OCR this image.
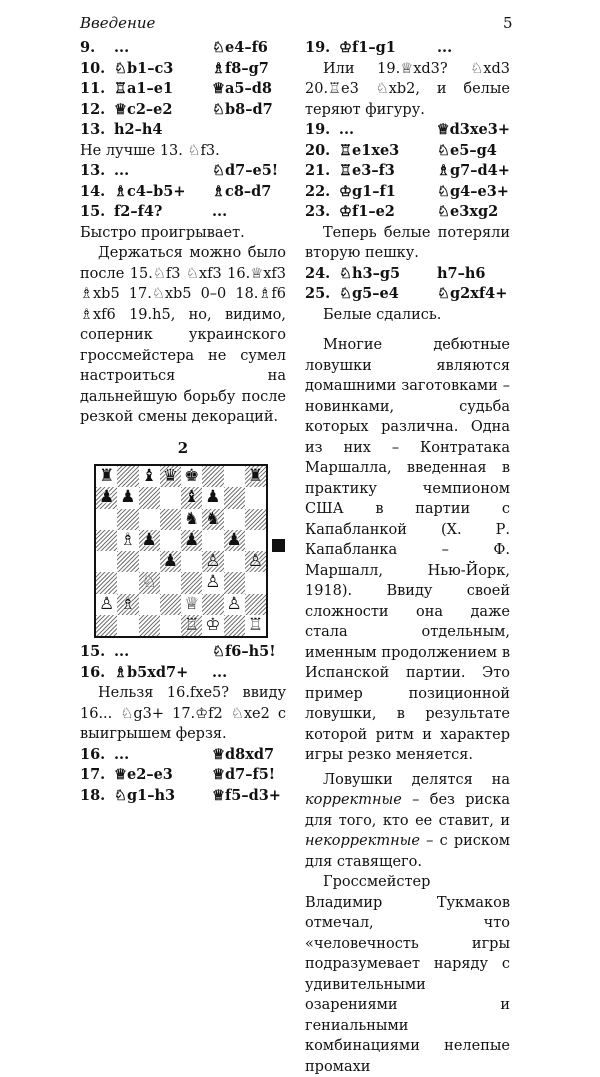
Введение	5
9.	...	♘e4–f6
10. ♘b1–c3	♗f8–g7
11. ♖a1–e1	♕a5–d8
12. ♕c2–e2	♘b8–d7
13. h2–h4

Не лучше 13. ♘f3.

13. ...	♘d7–e5!
14. ♗c4–b5+	♗c8–d7
15. f2–f4?	...

Быстро проигрывает.

Держаться можно было после 15.♘f3 ♘xf3 16.♕xf3 ♗xb5 17.♘xb5 0–0 18.♗f6 ♗xf6 19.h5, но, видимо, соперник украинского гроссмейстера не сумел настроиться на дальнейшую борьбу после резкой смены декораций.

2
♜ ♝ ♛ ♚	♜
♟ ♟	♝ ♟
♞ ♞
♗ ♟ ♟ ♟
♟ ♙ ♙
♘	♙
♙ ♗	♕ ♙
♖ ♔ ♖
15. ...	♘f6–h5!
16. ♗b5xd7+	...

Нельзя 16.fxe5? ввиду 16... ♘g3+ 17.♔f2 ♘xe2 с выигрышем ферзя.

16. ...	♕d8xd7
17. ♕e2–e3	♕d7–f5!
18. ♘g1–h3	♕f5–d3+
19. ♔f1–g1	...

Или 19.♕xd3? ♘xd3 20.♖e3 ♘xb2, и белые теряют фигуру.

19. ...	♕d3xe3+
20. ♖e1xe3	♘e5–g4
21. ♖e3–f3	♗g7–d4+
22. ♔g1–f1	♘g4–e3+
23. ♔f1–e2	♘e3xg2

Теперь белые потеряли вторую пешку.

24. ♘h3–g5	h7–h6
25. ♘g5–e4	♘g2xf4+

Белые сдались.

Многие дебютные ловушки являются домашними заготовками – новинками, судьба которых различна. Одна из них – Контратака Маршалла, введенная в практику чемпионом США в партии с Капабланкой (Х. Р. Капабланка – Ф. Маршалл, Нью-Йорк, 1918). Ввиду своей сложности она даже стала отдельным, именным продолжением в Испанской партии. Это пример позиционной ловушки, в результате которой ритм и характер игры резко меняется.

Ловушки делятся на корректные – без риска для того, кто ее ставит, и некорректные – с риском для ставящего.

Гроссмейстер Владимир Тукмаков отмечал, что «человечность игры подразумевает наряду с удивительными озарениями и гениальными комбинациями нелепые промахи
